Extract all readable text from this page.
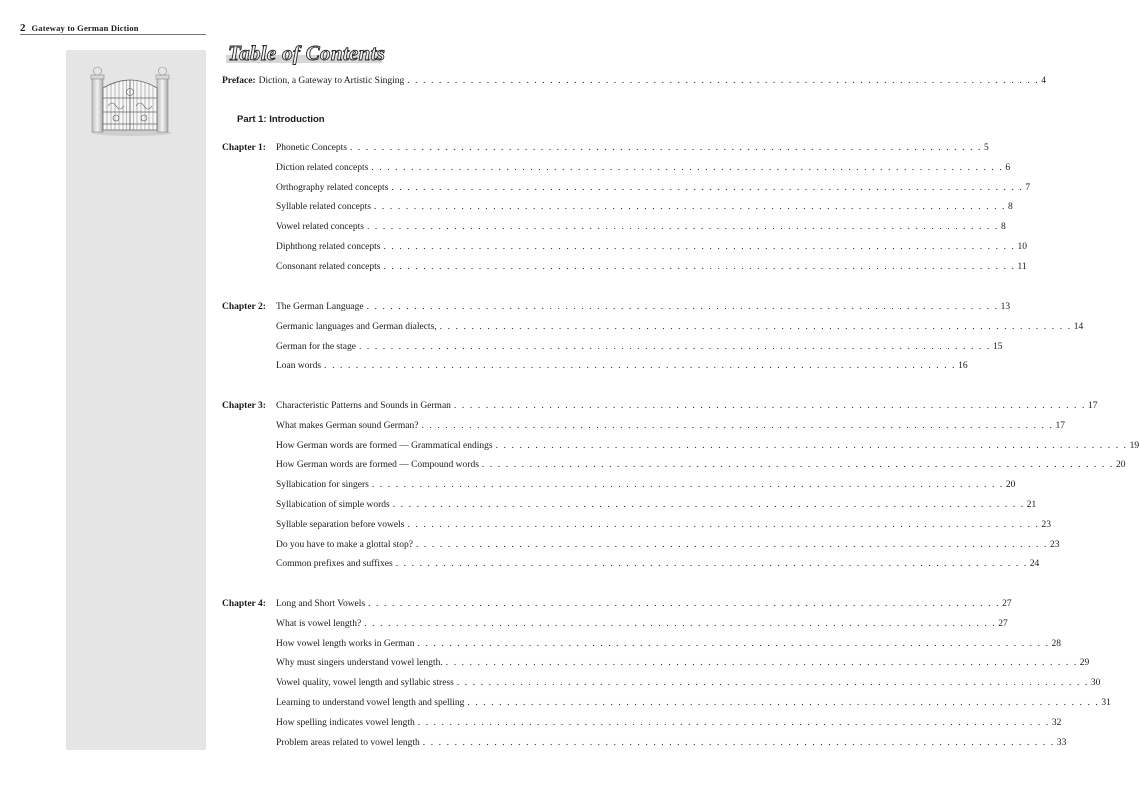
2 Gateway to German Diction
Table of Contents
Preface: Diction, a Gateway to Artistic Singing . . . . . . . . . . . . . . . . . . . . . . . . . . . . . . . . . . . . . . . . . . . . . . . . . . . . . . . . . . . . . . . . . . . . . . . . . . . . . . . . 4
Part 1: Introduction
Chapter 1: Phonetic Concepts . . . . . . . . . . . . . . . . . . . . . . . . . . . . . . . . . . . . . . . . . . . . . . . . . . . . . . . . . . . . . . . . . . . . . . . . . . . . . . . . 5
Diction related concepts . . . . . . . . . . . . . . . . . . . . . . . . . . . . . . . . . . . . . . . . . . . . . . . . . . . . . . . . . . . . . . . . . . . . . . . . . . . . . . . . 6
Orthography related concepts . . . . . . . . . . . . . . . . . . . . . . . . . . . . . . . . . . . . . . . . . . . . . . . . . . . . . . . . . . . . . . . . . . . . . . . . . . . . . . . . 7
Syllable related concepts . . . . . . . . . . . . . . . . . . . . . . . . . . . . . . . . . . . . . . . . . . . . . . . . . . . . . . . . . . . . . . . . . . . . . . . . . . . . . . . . 8
Vowel related concepts . . . . . . . . . . . . . . . . . . . . . . . . . . . . . . . . . . . . . . . . . . . . . . . . . . . . . . . . . . . . . . . . . . . . . . . . . . . . . . . . 8
Diphthong related concepts . . . . . . . . . . . . . . . . . . . . . . . . . . . . . . . . . . . . . . . . . . . . . . . . . . . . . . . . . . . . . . . . . . . . . . . . . . . . . . . . 10
Consonant related concepts . . . . . . . . . . . . . . . . . . . . . . . . . . . . . . . . . . . . . . . . . . . . . . . . . . . . . . . . . . . . . . . . . . . . . . . . . . . . . . . . 11
Chapter 2: The German Language . . . . . . . . . . . . . . . . . . . . . . . . . . . . . . . . . . . . . . . . . . . . . . . . . . . . . . . . . . . . . . . . . . . . . . . . . . . . . . . . 13
Germanic languages and German dialects, . . . . . . . . . . . . . . . . . . . . . . . . . . . . . . . . . . . . . . . . . . . . . . . . . . . . . . . . . . . . . . . . . . . . . . . . . . . . . . . . 14
German for the stage . . . . . . . . . . . . . . . . . . . . . . . . . . . . . . . . . . . . . . . . . . . . . . . . . . . . . . . . . . . . . . . . . . . . . . . . . . . . . . . . 15
Loan words . . . . . . . . . . . . . . . . . . . . . . . . . . . . . . . . . . . . . . . . . . . . . . . . . . . . . . . . . . . . . . . . . . . . . . . . . . . . . . . . 16
Chapter 3: Characteristic Patterns and Sounds in German . . . . . . . . . . . . . . . . . . . . . . . . . . . . . . . . . . . . . . . . . . . . . . . . . . . . . . . . . . . . . . . . . . . . . . . . . . . . . . . . 17
What makes German sound German? . . . . . . . . . . . . . . . . . . . . . . . . . . . . . . . . . . . . . . . . . . . . . . . . . . . . . . . . . . . . . . . . . . . . . . . . . . . . . . . . 17
How German words are formed — Grammatical endings . . . . . . . . . . . . . . . . . . . . . . . . . . . . . . . . . . . . . . . . . . . . . . . . . . . . . . . . . . . . . . . . . . . . . . . . . . . . . . . . 19
How German words are formed — Compound words . . . . . . . . . . . . . . . . . . . . . . . . . . . . . . . . . . . . . . . . . . . . . . . . . . . . . . . . . . . . . . . . . . . . . . . . . . . . . . . . 20
Syllabication for singers . . . . . . . . . . . . . . . . . . . . . . . . . . . . . . . . . . . . . . . . . . . . . . . . . . . . . . . . . . . . . . . . . . . . . . . . . . . . . . . . 20
Syllabication of simple words . . . . . . . . . . . . . . . . . . . . . . . . . . . . . . . . . . . . . . . . . . . . . . . . . . . . . . . . . . . . . . . . . . . . . . . . . . . . . . . . 21
Syllable separation before vowels . . . . . . . . . . . . . . . . . . . . . . . . . . . . . . . . . . . . . . . . . . . . . . . . . . . . . . . . . . . . . . . . . . . . . . . . . . . . . . . . 23
Do you have to make a glottal stop? . . . . . . . . . . . . . . . . . . . . . . . . . . . . . . . . . . . . . . . . . . . . . . . . . . . . . . . . . . . . . . . . . . . . . . . . . . . . . . . . 23
Common prefixes and suffixes . . . . . . . . . . . . . . . . . . . . . . . . . . . . . . . . . . . . . . . . . . . . . . . . . . . . . . . . . . . . . . . . . . . . . . . . . . . . . . . . 24
Chapter 4: Long and Short Vowels . . . . . . . . . . . . . . . . . . . . . . . . . . . . . . . . . . . . . . . . . . . . . . . . . . . . . . . . . . . . . . . . . . . . . . . . . . . . . . . . 27
What is vowel length? . . . . . . . . . . . . . . . . . . . . . . . . . . . . . . . . . . . . . . . . . . . . . . . . . . . . . . . . . . . . . . . . . . . . . . . . . . . . . . . . 27
How vowel length works in German . . . . . . . . . . . . . . . . . . . . . . . . . . . . . . . . . . . . . . . . . . . . . . . . . . . . . . . . . . . . . . . . . . . . . . . . . . . . . . . . 28
Why must singers understand vowel length. . . . . . . . . . . . . . . . . . . . . . . . . . . . . . . . . . . . . . . . . . . . . . . . . . . . . . . . . . . . . . . . . . . . . . . . . . . . . . . . . 29
Vowel quality, vowel length and syllabic stress . . . . . . . . . . . . . . . . . . . . . . . . . . . . . . . . . . . . . . . . . . . . . . . . . . . . . . . . . . . . . . . . . . . . . . . . . . . . . . . . 30
Learning to understand vowel length and spelling . . . . . . . . . . . . . . . . . . . . . . . . . . . . . . . . . . . . . . . . . . . . . . . . . . . . . . . . . . . . . . . . . . . . . . . . . . . . . . . . 31
How spelling indicates vowel length . . . . . . . . . . . . . . . . . . . . . . . . . . . . . . . . . . . . . . . . . . . . . . . . . . . . . . . . . . . . . . . . . . . . . . . . . . . . . . . . 32
Problem areas related to vowel length . . . . . . . . . . . . . . . . . . . . . . . . . . . . . . . . . . . . . . . . . . . . . . . . . . . . . . . . . . . . . . . . . . . . . . . . . . . . . . . . 33
